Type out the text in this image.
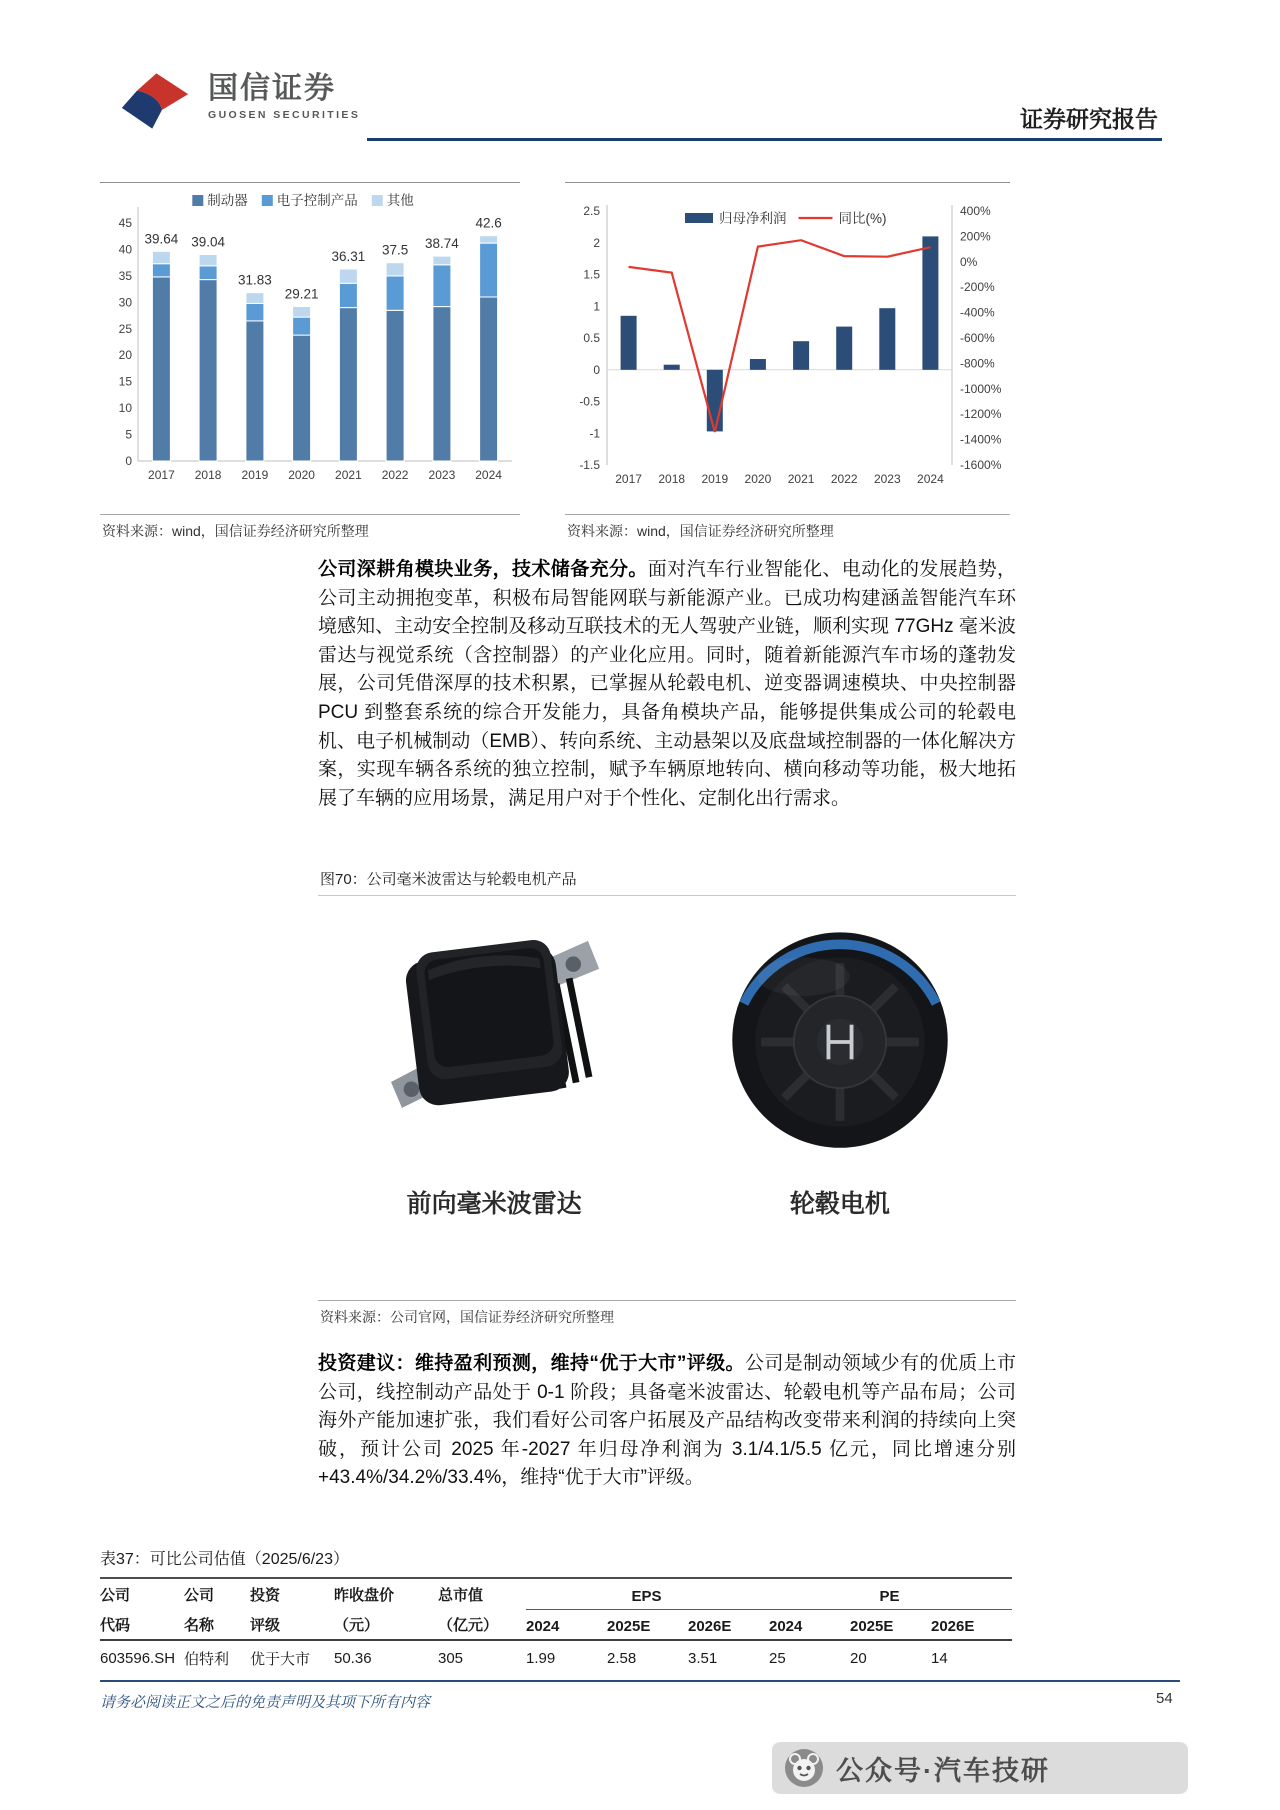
国信证券
GUOSEN SECURITIES	证券研究报告
0
5
10
15
20
25
30
35
40
45
39.64
2017
39.04
2018
31.83
2019
29.21
2020
36.31
2021
37.5
2022
38.74
2023
42.6
2024
制动器 电子控制产品 其他
资料来源：wind，国信证券经济研究所整理
2.5
2
1.5
1
0.5
0
-0.5
-1
-1.5
400%
200%
0%
-200%
-400%
-600%
-800%
-1000%
-1200%
-1400%
-1600%
2017 2018 2019 2020 2021 2022 2023 2024
归母净利润	同比(%)
资料来源：wind，国信证券经济研究所整理
公司深耕角模块业务，技术储备充分。面对汽车行业智能化、电动化的发展趋势，公司主动拥抱变革，积极布局智能网联与新能源产业。已成功构建涵盖智能汽车环境感知、主动安全控制及移动互联技术的无人驾驶产业链，顺利实现 77GHz 毫米波雷达与视觉系统（含控制器）的产业化应用。同时，随着新能源汽车市场的蓬勃发展，公司凭借深厚的技术积累，已掌握从轮毂电机、逆变器调速模块、中央控制器 PCU 到整套系统的综合开发能力，具备角模块产品，能够提供集成公司的轮毂电机、电子机械制动（EMB）、转向系统、主动悬架以及底盘域控制器的一体化解决方案，实现车辆各系统的独立控制，赋予车辆原地转向、横向移动等功能，极大地拓展了车辆的应用场景，满足用户对于个性化、定制化出行需求。
图70：公司毫米波雷达与轮毂电机产品
前向毫米波雷达	轮毂电机
资料来源：公司官网，国信证券经济研究所整理
投资建议：维持盈利预测，维持“优于大市”评级。公司是制动领域少有的优质上市公司，线控制动产品处于 0-1 阶段；具备毫米波雷达、轮毂电机等产品布局；公司海外产能加速扩张，我们看好公司客户拓展及产品结构改变带来利润的持续向上突破，预计公司 2025 年-2027 年归母净利润为 3.1/4.1/5.5 亿元，同比增速分别+43.4%/34.2%/33.4%，维持“优于大市”评级。
表37：可比公司估值（2025/6/23）
公司	公司	投资	昨收盘价	总市值	EPS			PE		
代码	名称	评级	（元）	（亿元）	2024	2025E	2026E	2024	2025E	2026E
603596.SH	伯特利	优于大市	50.36	305	1.99	2.58	3.51	25	20	14
请务必阅读正文之后的免责声明及其项下所有内容	54
公众号·汽车技研
